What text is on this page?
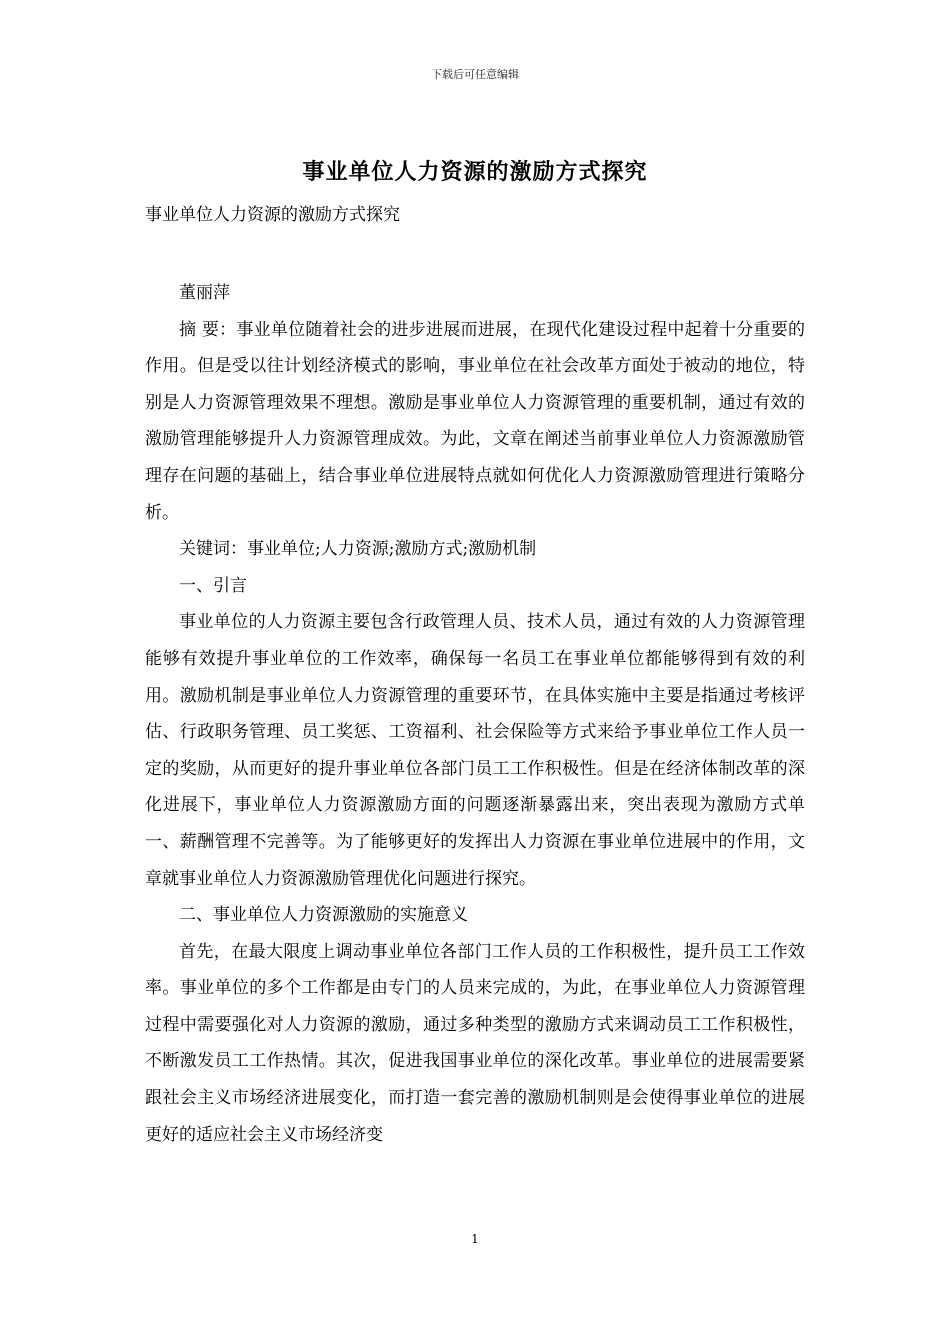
下载后可任意编辑
事业单位人力资源的激励方式探究
事业单位人力资源的激励方式探究

董丽萍

摘 要：事业单位随着社会的进步进展而进展，在现代化建设过程中起着十分重要的作用。但是受以往计划经济模式的影响，事业单位在社会改革方面处于被动的地位，特别是人力资源管理效果不理想。激励是事业单位人力资源管理的重要机制，通过有效的激励管理能够提升人力资源管理成效。为此，文章在阐述当前事业单位人力资源激励管理存在问题的基础上，结合事业单位进展特点就如何优化人力资源激励管理进行策略分析。

关键词：事业单位;人力资源;激励方式;激励机制

一、引言

事业单位的人力资源主要包含行政管理人员、技术人员，通过有效的人力资源管理能够有效提升事业单位的工作效率，确保每一名员工在事业单位都能够得到有效的利用。激励机制是事业单位人力资源管理的重要环节，在具体实施中主要是指通过考核评估、行政职务管理、员工奖惩、工资福利、社会保险等方式来给予事业单位工作人员一定的奖励，从而更好的提升事业单位各部门员工工作积极性。但是在经济体制改革的深化进展下，事业单位人力资源激励方面的问题逐渐暴露出来，突出表现为激励方式单一、薪酬管理不完善等。为了能够更好的发挥出人力资源在事业单位进展中的作用，文章就事业单位人力资源激励管理优化问题进行探究。

二、事业单位人力资源激励的实施意义

首先，在最大限度上调动事业单位各部门工作人员的工作积极性，提升员工工作效率。事业单位的多个工作都是由专门的人员来完成的，为此，在事业单位人力资源管理过程中需要强化对人力资源的激励，通过多种类型的激励方式来调动员工工作积极性，不断激发员工工作热情。其次，促进我国事业单位的深化改革。事业单位的进展需要紧跟社会主义市场经济进展变化，而打造一套完善的激励机制则是会使得事业单位的进展更好的适应社会主义市场经济变

1
